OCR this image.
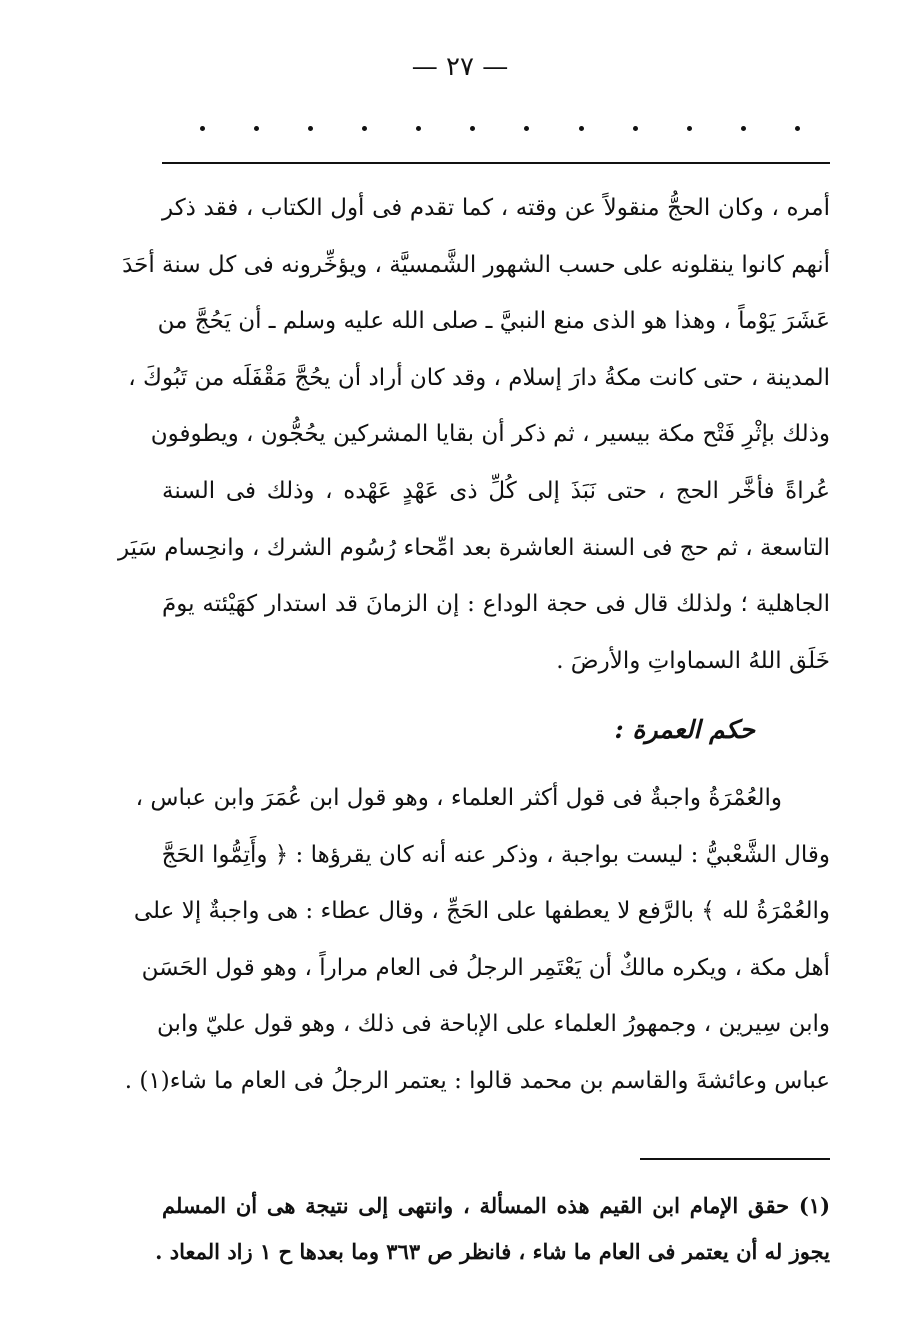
— ٢٧ —
أمره ، وكان الحجُّ منقولاً عن وقته ، كما تقدم فى أول الكتاب ، فقد ذكر
أنهم كانوا ينقلونه على حسب الشهور الشَّمسيَّة ، ويؤخِّرونه فى كل سنة أحَدَ
عَشَرَ يَوْماً ، وهذا هو الذى منع النبيَّ ـ صلى الله عليه وسلم ـ أن يَحُجَّ من
المدينة ، حتى كانت مكةُ دارَ إسلام ، وقد كان أراد أن يحُجَّ مَقْفَلَه من تَبُوكَ ،
وذلك بإثْرِ فَتْح مكة بيسير ، ثم ذكر أن بقايا المشركين يحُجُّون ، ويطوفون
عُراةً فأخَّر الحج ، حتى نَبَذَ إلى كُلِّ ذى عَهْدٍ عَهْده ، وذلك فى السنة
التاسعة ، ثم حج فى السنة العاشرة بعد امِّحاء رُسُوم الشرك ، وانحِسام سَيَر
الجاهلية ؛ ولذلك قال فى حجة الوداع : إن الزمانَ قد استدار كهَيْئته يومَ
خَلَق اللهُ السماواتِ والأرضَ .
حكم العمرة :
والعُمْرَةُ واجبةٌ فى قول أكثر العلماء ، وهو قول ابن عُمَرَ وابن عباس ،
وقال الشَّعْبيُّ : ليست بواجبة ، وذكر عنه أنه كان يقرؤها : ﴿ وأَتِمُّوا الحَجَّ
والعُمْرَةُ لله ﴾ بالرَّفع لا يعطفها على الحَجِّ ، وقال عطاء : هى واجبةٌ إلا على
أهل مكة ، ويكره مالكٌ أن يَعْتَمِر الرجلُ فى العام مراراً ، وهو قول الحَسَن
وابن سِيرين ، وجمهورُ العلماء على الإباحة فى ذلك ، وهو قول عليّ وابن
عباس وعائشةَ والقاسم بن محمد قالوا : يعتمر الرجلُ فى العام ما شاء(١) .
(١) حقق الإمام ابن القيم هذه المسألة ، وانتهى إلى نتيجة هى أن المسلم
يجوز له أن يعتمر فى العام ما شاء ، فانظر ص ٣٦٣ وما بعدها ح ١ زاد المعاد .
